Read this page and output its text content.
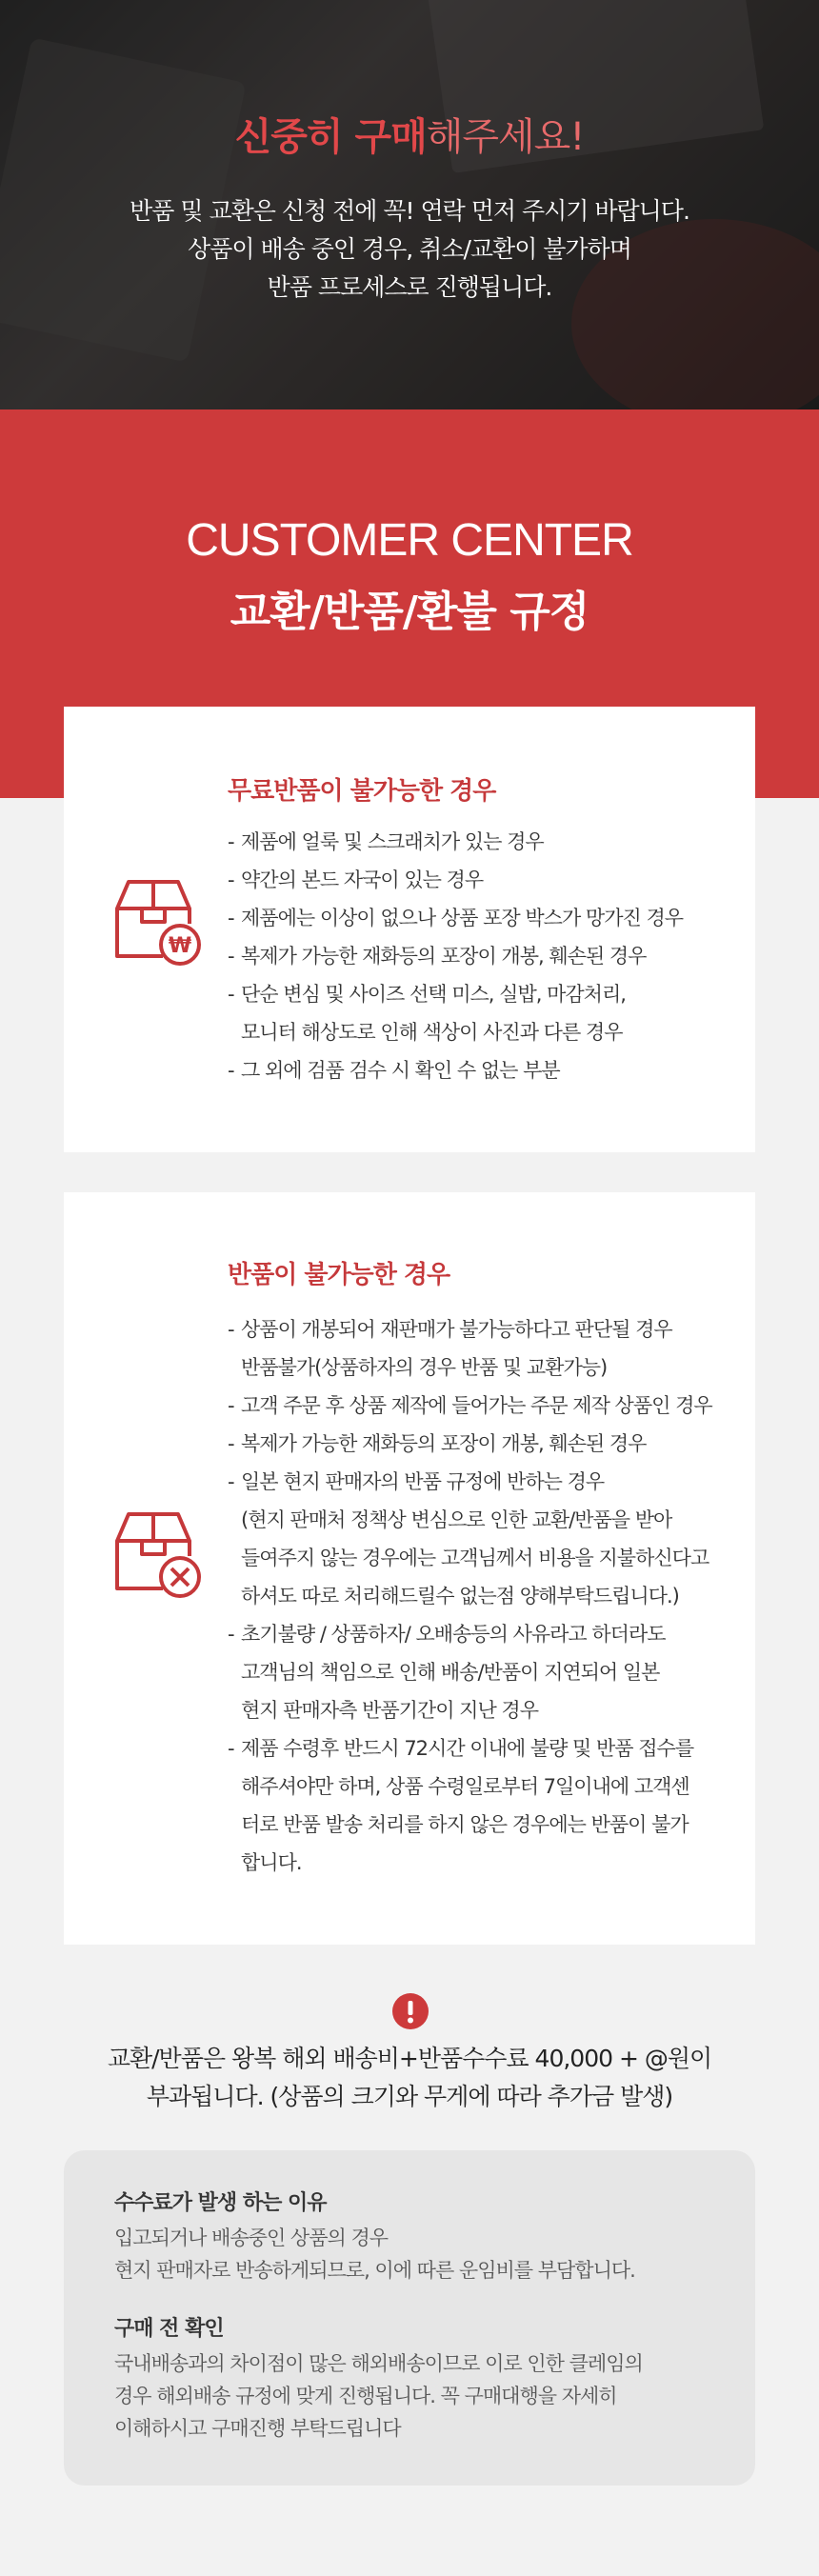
신중히 구매해주세요!
반품 및 교환은 신청 전에 꼭! 연락 먼저 주시기 바랍니다.
상품이 배송 중인 경우, 취소/교환이 불가하며
반품 프로세스로 진행됩니다.
CUSTOMER CENTER
교환/반품/환불 규정
₩
무료반품이 불가능한 경우
- 제품에 얼룩 및 스크래치가 있는 경우
- 약간의 본드 자국이 있는 경우
- 제품에는 이상이 없으나 상품 포장 박스가 망가진 경우
- 복제가 가능한 재화등의 포장이 개봉, 훼손된 경우
- 단순 변심 및 사이즈 선택 미스, 실밥, 마감처리,
모니터 해상도로 인해 색상이 사진과 다른 경우
- 그 외에 검품 검수 시 확인 수 없는 부분
반품이 불가능한 경우
- 상품이 개봉되어 재판매가 불가능하다고 판단될 경우
반품불가(상품하자의 경우 반품 및 교환가능)
- 고객 주문 후 상품 제작에 들어가는 주문 제작 상품인 경우
- 복제가 가능한 재화등의 포장이 개봉, 훼손된 경우
- 일본 현지 판매자의 반품 규정에 반하는 경우
(현지 판매처 정책상 변심으로 인한 교환/반품을 받아
들여주지 않는 경우에는 고객님께서 비용을 지불하신다고
하셔도 따로 처리해드릴수 없는점 양해부탁드립니다.)
- 초기불량 / 상품하자/ 오배송등의 사유라고 하더라도
고객님의 책임으로 인해 배송/반품이 지연되어 일본
현지 판매자측 반품기간이 지난 경우
- 제품 수령후 반드시 72시간 이내에 불량 및 반품 접수를
해주셔야만 하며, 상품 수령일로부터 7일이내에 고객센
터로 반품 발송 처리를 하지 않은 경우에는 반품이 불가
합니다.
교환/반품은 왕복 해외 배송비+반품수수료 40,000 + @원이
부과됩니다. (상품의 크기와 무게에 따라 추가금 발생)
수수료가 발생 하는 이유
입고되거나 배송중인 상품의 경우
현지 판매자로 반송하게되므로, 이에 따른 운임비를 부담합니다.
구매 전 확인
국내배송과의 차이점이 많은 해외배송이므로 이로 인한 클레임의
경우 해외배송 규정에 맞게 진행됩니다. 꼭 구매대행을 자세히
이해하시고 구매진행 부탁드립니다
